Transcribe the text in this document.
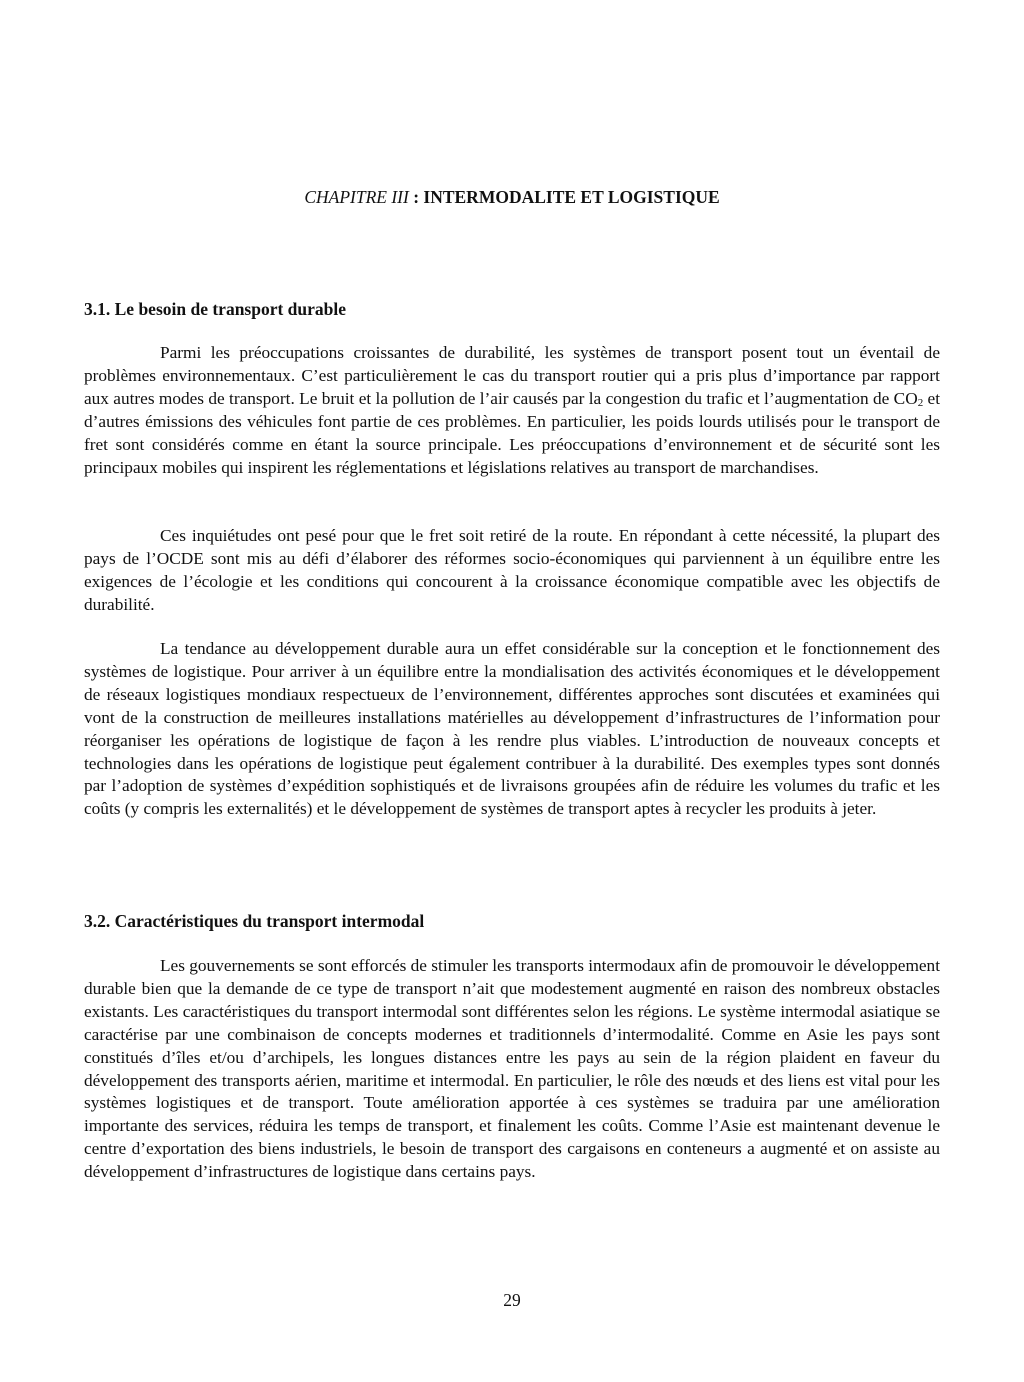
CHAPITRE III : INTERMODALITE ET LOGISTIQUE
3.1. Le besoin de transport durable

Parmi les préoccupations croissantes de durabilité, les systèmes de transport posent tout un éventail de problèmes environnementaux. C’est particulièrement le cas du transport routier qui a pris plus d’importance par rapport aux autres modes de transport. Le bruit et la pollution de l’air causés par la congestion du trafic et l’augmentation de $CO_2$ et d’autres émissions des véhicules font partie de ces problèmes. En particulier, les poids lourds utilisés pour le transport de fret sont considérés comme en étant la source principale. Les préoccupations d’environnement et de sécurité sont les principaux mobiles qui inspirent les réglementations et législations relatives au transport de marchandises.

Ces inquiétudes ont pesé pour que le fret soit retiré de la route. En répondant à cette nécessité, la plupart des pays de l’OCDE sont mis au défi d’élaborer des réformes socio-économiques qui parviennent à un équilibre entre les exigences de l’écologie et les conditions qui concourent à la croissance économique compatible avec les objectifs de durabilité.

La tendance au développement durable aura un effet considérable sur la conception et le fonctionnement des systèmes de logistique. Pour arriver à un équilibre entre la mondialisation des activités économiques et le développement de réseaux logistiques mondiaux respectueux de l’environnement, différentes approches sont discutées et examinées qui vont de la construction de meilleures installations matérielles au développement d’infrastructures de l’information pour réorganiser les opérations de logistique de façon à les rendre plus viables. L’introduction de nouveaux concepts et technologies dans les opérations de logistique peut également contribuer à la durabilité. Des exemples types sont donnés par l’adoption de systèmes d’expédition sophistiqués et de livraisons groupées afin de réduire les volumes du trafic et les coûts (y compris les externalités) et le développement de systèmes de transport aptes à recycler les produits à jeter.

3.2. Caractéristiques du transport intermodal

Les gouvernements se sont efforcés de stimuler les transports intermodaux afin de promouvoir le développement durable bien que la demande de ce type de transport n’ait que modestement augmenté en raison des nombreux obstacles existants. Les caractéristiques du transport intermodal sont différentes selon les régions. Le système intermodal asiatique se caractérise par une combinaison de concepts modernes et traditionnels d’intermodalité. Comme en Asie les pays sont constitués d’îles et/ou d’archipels, les longues distances entre les pays au sein de la région plaident en faveur du développement des transports aérien, maritime et intermodal. En particulier, le rôle des nœuds et des liens est vital pour les systèmes logistiques et de transport. Toute amélioration apportée à ces systèmes se traduira par une amélioration importante des services, réduira les temps de transport, et finalement les coûts. Comme l’Asie est maintenant devenue le centre d’exportation des biens industriels, le besoin de transport des cargaisons en conteneurs a augmenté et on assiste au développement d’infrastructures de logistique dans certains pays.

29
